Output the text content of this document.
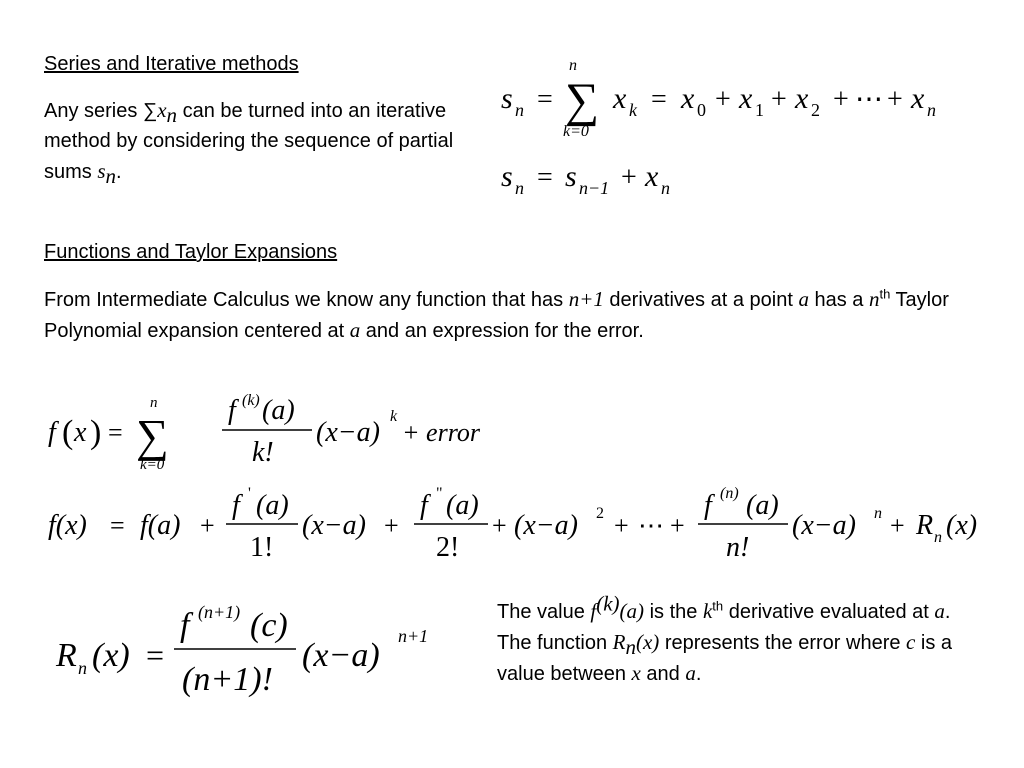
Series and Iterative methods
Any series $\sum x_n$ can be turned into an iterative method by considering the sequence of partial sums $s_n$.
s n =
n
∑
k=0
x k = x 0 + x 1 + x 2 + ⋯ + x n
s n = s n−1 + x n
Functions and Taylor Expansions
From Intermediate Calculus we know any function that has n+1 derivatives at a point a has a $n^{th}$ Taylor Polynomial expansion centered at a and an expression for the error.
f ( x ) =
n
∑
k=0
f (k) (a)
k!
(x−a)
k
+ error
f(x) = f(a) +
f ' (a)
1!
(x−a) +
f " (a)
2!
+ (x−a) 2 + ⋯ +
f (n) (a)
n!
(x−a) n + R n (x)
R n (x) =
f (n+1) (c)
(n+1)!
(x−a)
n+1
The value $f^{(k)}(a)$ is the $k^{th}$ derivative evaluated at a. The function $R_n(x)$ represents the error where c is a value between x and a.
